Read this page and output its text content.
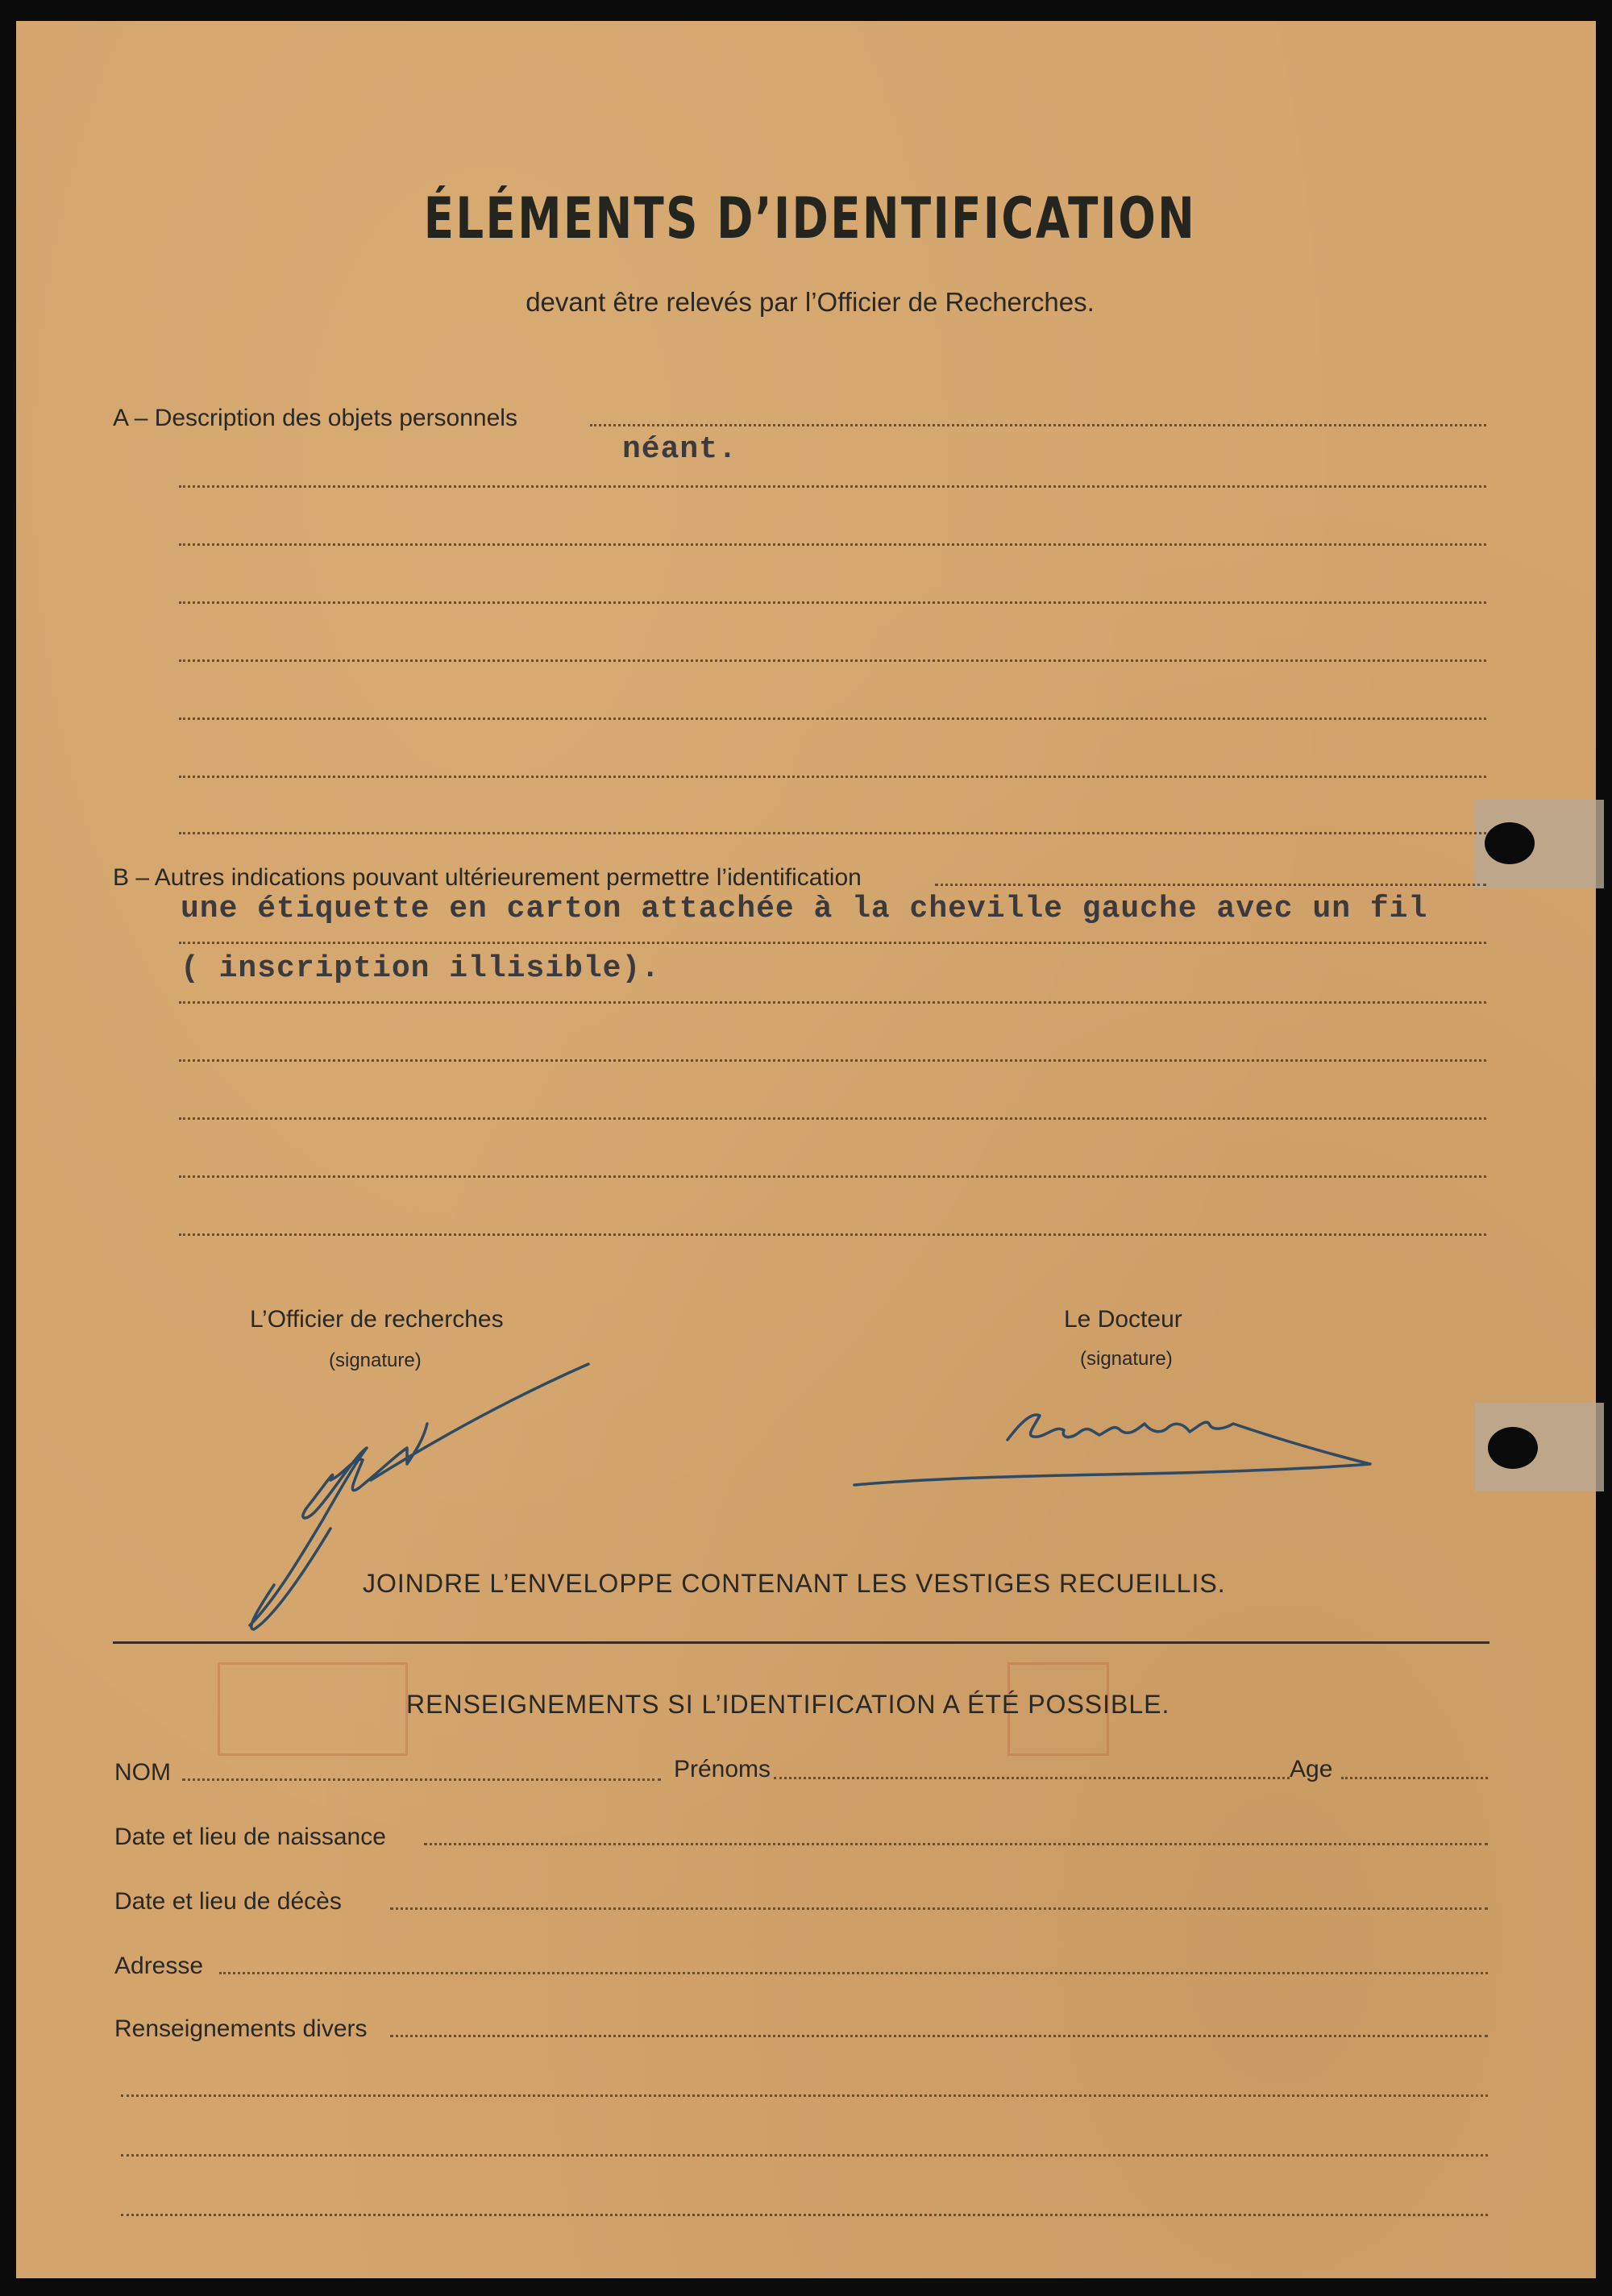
ÉLÉMENTS D’IDENTIFICATION
devant être relevés par l’Officier de Recherches.
A – Description des objets personnels
néant.
B – Autres indications pouvant ultérieurement permettre l’identification
une étiquette en carton attachée à la cheville gauche avec un fil
( inscription illisible).
L’Officier de recherches
(signature)
Le Docteur
(signature)
JOINDRE L’ENVELOPPE CONTENANT LES VESTIGES RECUEILLIS.
RENSEIGNEMENTS SI L’IDENTIFICATION A ÉTÉ POSSIBLE.
NOM	Prénoms	Age
Date et lieu de naissance
Date et lieu de décès
Adresse
Renseignements divers
